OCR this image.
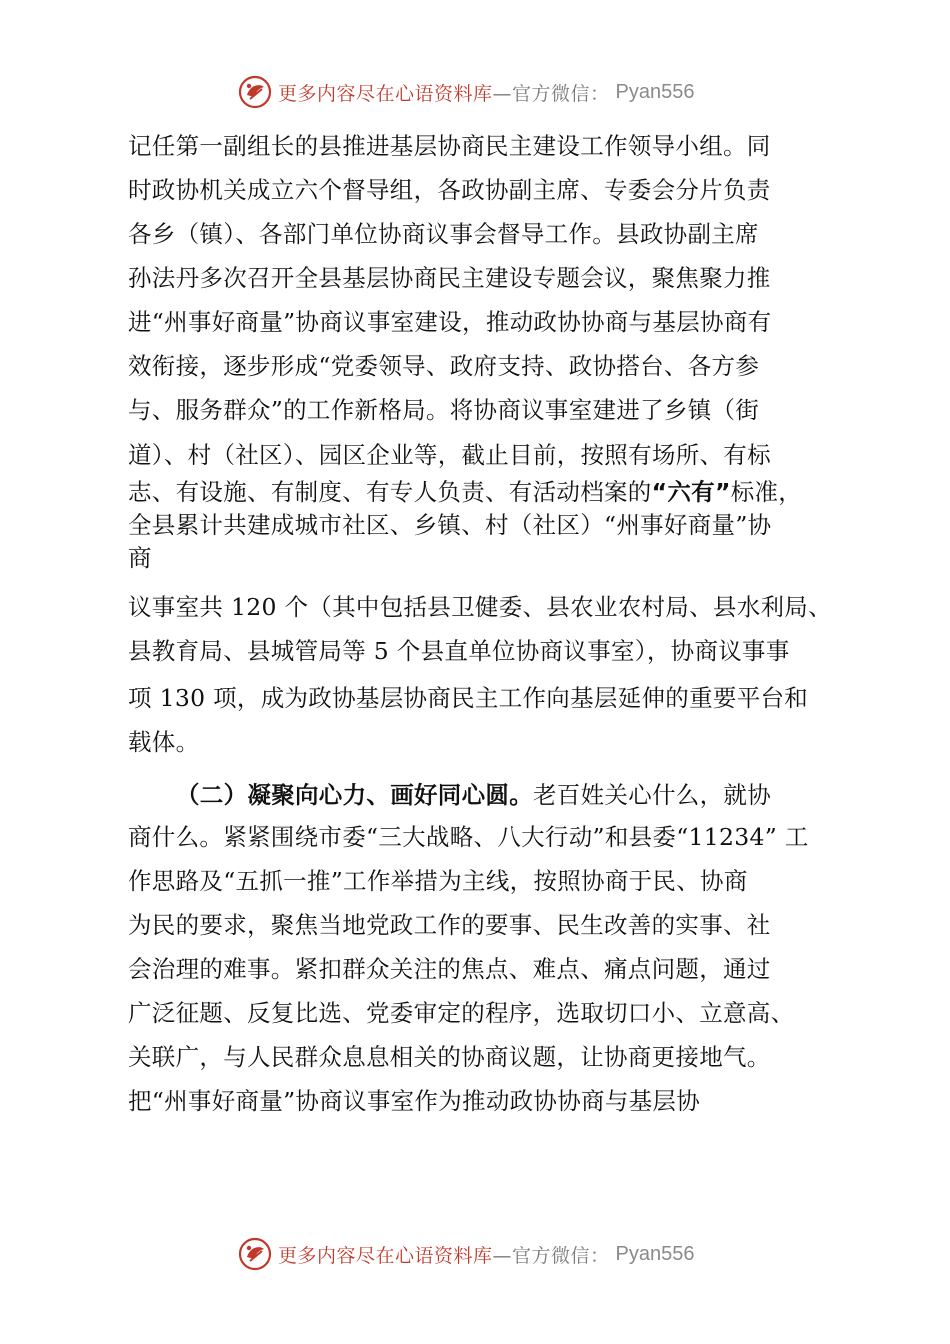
更多内容尽在心语资料库 —官方微信： Pyan556
记任第一副组长的县推进基层协商民主建设工作领导小组。同
时政协机关成立六个督导组，各政协副主席、专委会分片负责
各乡（镇）、各部门单位协商议事会督导工作。县政协副主席
孙法丹多次召开全县基层协商民主建设专题会议，聚焦聚力推
进“州事好商量”协商议事室建设，推动政协协商与基层协商有
效衔接，逐步形成“党委领导、政府支持、政协搭台、各方参
与、服务群众”的工作新格局。将协商议事室建进了乡镇（街
道）、村（社区）、园区企业等，截止目前，按照有场所、有标
志、有设施、有制度、有专人负责、有活动档案的“六有”标准，
全县累计共建成城市社区、乡镇、村（社区）“州事好商量”协
商
议事室共 120 个（其中包括县卫健委、县农业农村局、县水利局、
县教育局、县城管局等 5 个县直单位协商议事室），协商议事事
项 130 项，成为政协基层协商民主工作向基层延伸的重要平台和
载体。
（二）凝聚向心力、画好同心圆。老百姓关心什么，就协
商什么。紧紧围绕市委“三大战略、八大行动”和县委“11234” 工
作思路及“五抓一推”工作举措为主线，按照协商于民、协商
为民的要求，聚焦当地党政工作的要事、民生改善的实事、社
会治理的难事。紧扣群众关注的焦点、难点、痛点问题，通过
广泛征题、反复比选、党委审定的程序，选取切口小、立意高、
关联广，与人民群众息息相关的协商议题，让协商更接地气。
把“州事好商量”协商议事室作为推动政协协商与基层协
更多内容尽在心语资料库 —官方微信： Pyan556
